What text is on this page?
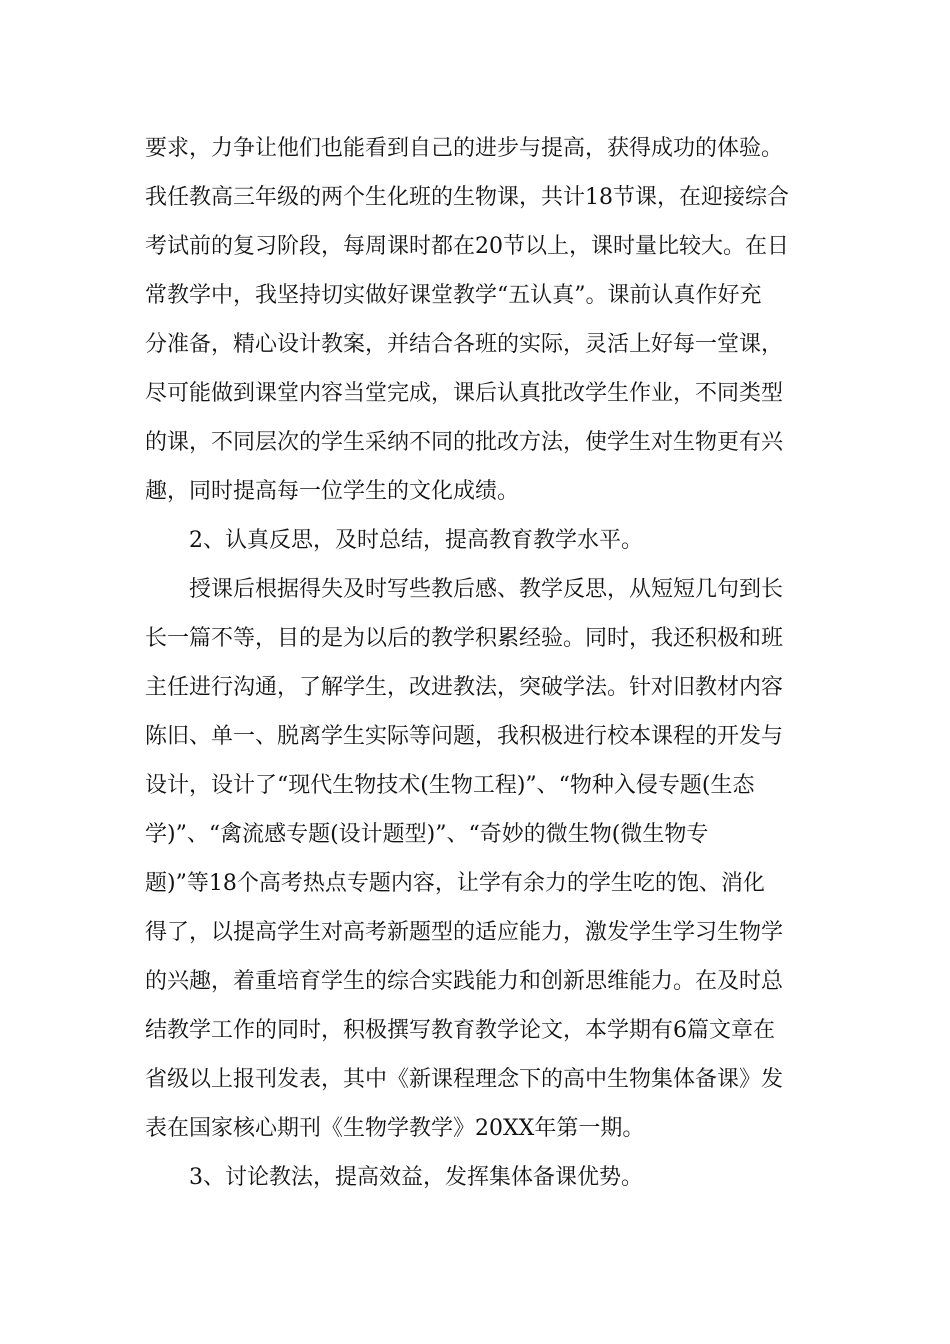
要求，力争让他们也能看到自己的进步与提高，获得成功的体验。
我任教高三年级的两个生化班的生物课，共计18节课，在迎接综合
考试前的复习阶段，每周课时都在20节以上，课时量比较大。在日
常教学中，我坚持切实做好课堂教学“五认真”。课前认真作好充
分准备，精心设计教案，并结合各班的实际，灵活上好每一堂课，
尽可能做到课堂内容当堂完成，课后认真批改学生作业，不同类型
的课，不同层次的学生采纳不同的批改方法，使学生对生物更有兴
趣，同时提高每一位学生的文化成绩。
2、认真反思，及时总结，提高教育教学水平。
授课后根据得失及时写些教后感、教学反思，从短短几句到长
长一篇不等，目的是为以后的教学积累经验。同时，我还积极和班
主任进行沟通，了解学生，改进教法，突破学法。针对旧教材内容
陈旧、单一、脱离学生实际等问题，我积极进行校本课程的开发与
设计，设计了“现代生物技术(生物工程)”、“物种入侵专题(生态
学)”、“禽流感专题(设计题型)”、“奇妙的微生物(微生物专
题)”等18个高考热点专题内容，让学有余力的学生吃的饱、消化
得了，以提高学生对高考新题型的适应能力，激发学生学习生物学
的兴趣，着重培育学生的综合实践能力和创新思维能力。在及时总
结教学工作的同时，积极撰写教育教学论文，本学期有6篇文章在
省级以上报刊发表，其中《新课程理念下的高中生物集体备课》发
表在国家核心期刊《生物学教学》20XX年第一期。
3、讨论教法，提高效益，发挥集体备课优势。
